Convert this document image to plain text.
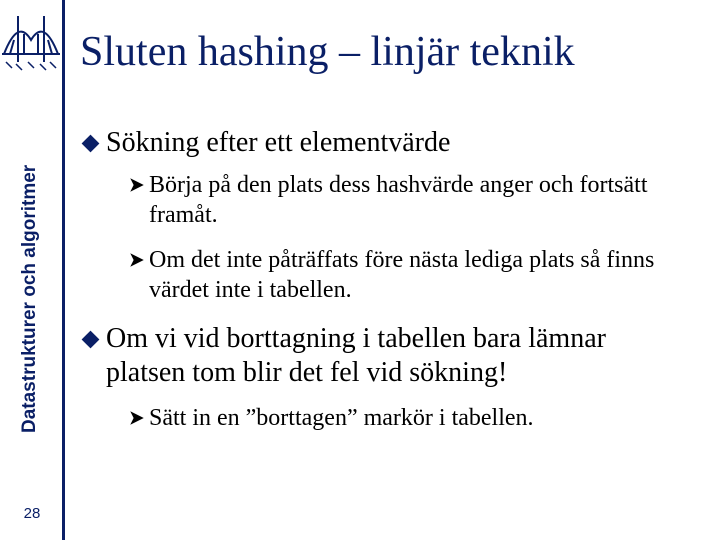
Datastrukturer och algoritmer
28
Sluten hashing – linjär teknik
Sökning efter ett elementvärde
Börja på den plats dess hashvärde anger och fortsätt framåt.
Om det inte påträffats före nästa lediga plats så finns värdet inte i tabellen.
Om vi vid borttagning i tabellen bara lämnar platsen tom blir det fel vid sökning!
Sätt in en ”borttagen” markör i tabellen.
